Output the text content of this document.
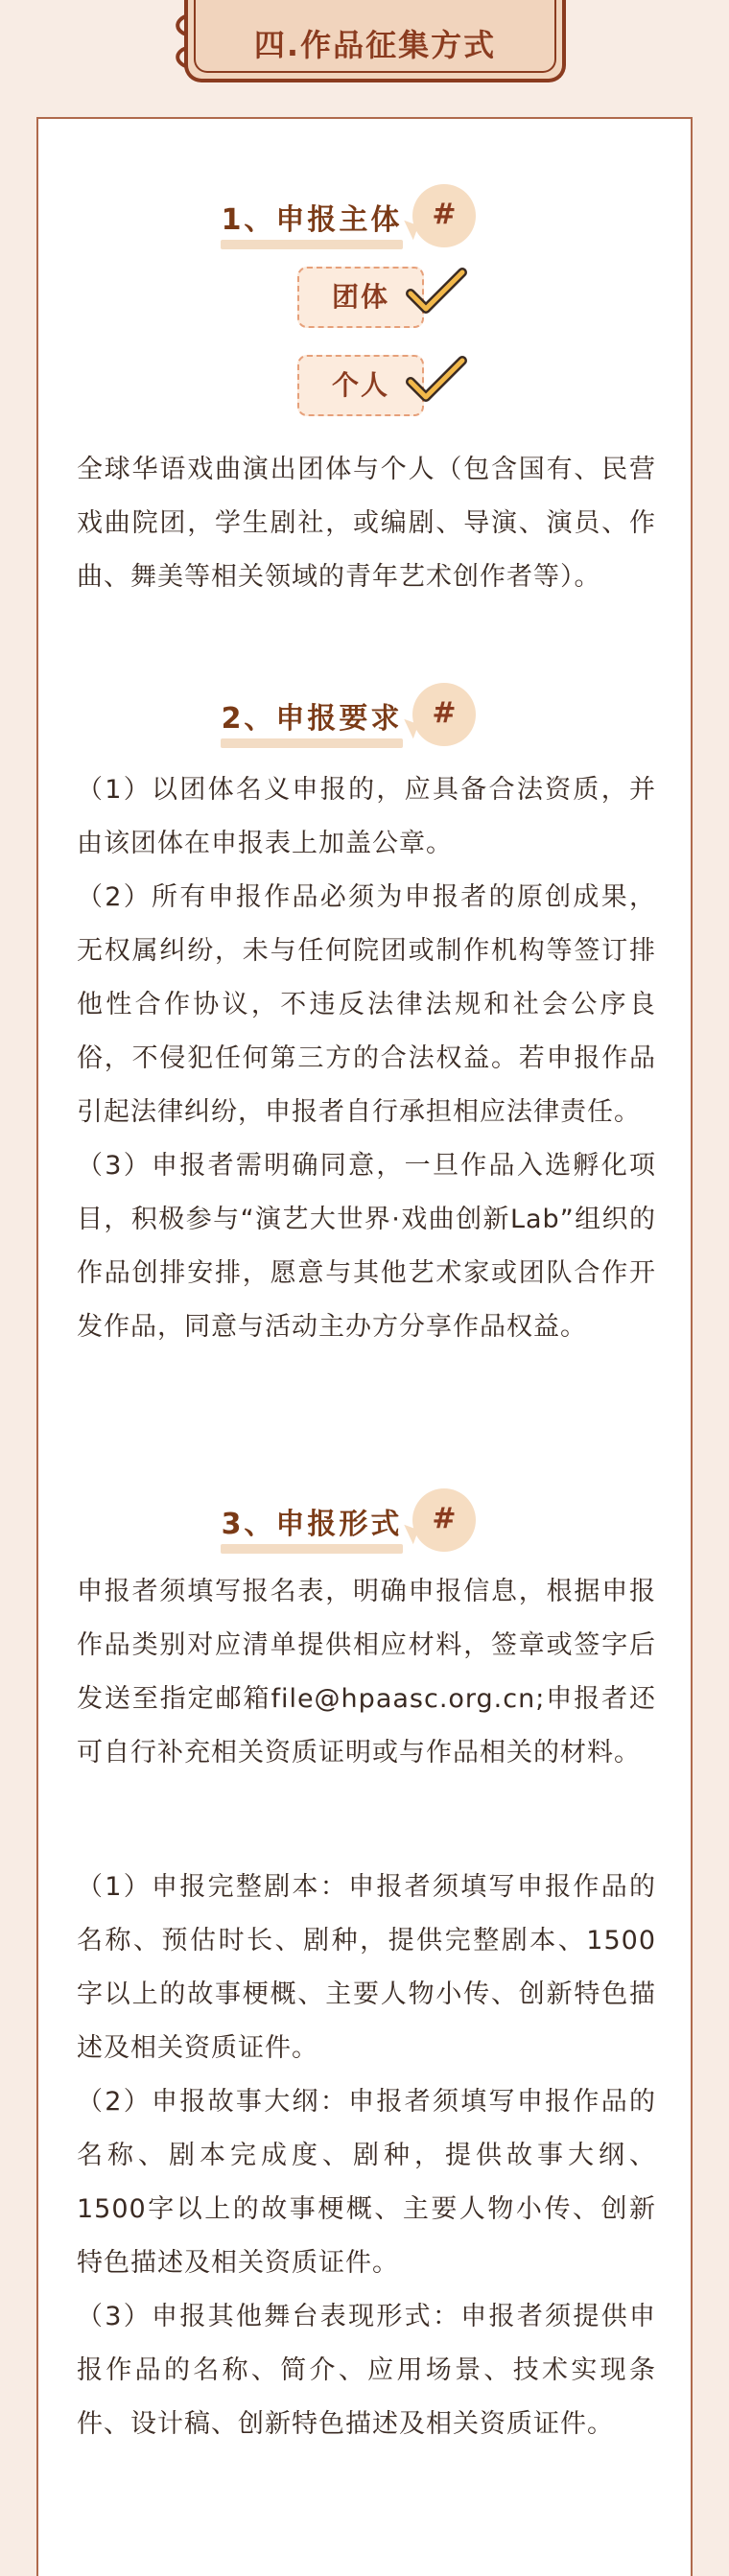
四.作品征集方式
1、申报主体	#
团体
个人

全球华语戏曲演出团体与个人（包含国有、民营戏曲院团，学生剧社，或编剧、导演、演员、作曲、舞美等相关领域的青年艺术创作者等）。

2、申报要求	#

（1）以团体名义申报的，应具备合法资质，并由该团体在申报表上加盖公章。

（2）所有申报作品必须为申报者的原创成果，无权属纠纷，未与任何院团或制作机构等签订排他性合作协议，不违反法律法规和社会公序良俗，不侵犯任何第三方的合法权益。若申报作品引起法律纠纷，申报者自行承担相应法律责任。

（3）申报者需明确同意，一旦作品入选孵化项目，积极参与“演艺大世界·戏曲创新Lab”组织的作品创排安排，愿意与其他艺术家或团队合作开发作品，同意与活动主办方分享作品权益。

3、申报形式	#

申报者须填写报名表，明确申报信息，根据申报作品类别对应清单提供相应材料，签章或签字后发送至指定邮箱file@hpaasc.org.cn;申报者还可自行补充相关资质证明或与作品相关的材料。

（1）申报完整剧本：申报者须填写申报作品的名称、预估时长、剧种，提供完整剧本、1500字以上的故事梗概、主要人物小传、创新特色描述及相关资质证件。

（2）申报故事大纲：申报者须填写申报作品的名称、剧本完成度、剧种，提供故事大纲、1500字以上的故事梗概、主要人物小传、创新特色描述及相关资质证件。

（3）申报其他舞台表现形式：申报者须提供申报作品的名称、简介、应用场景、技术实现条件、设计稿、创新特色描述及相关资质证件。
